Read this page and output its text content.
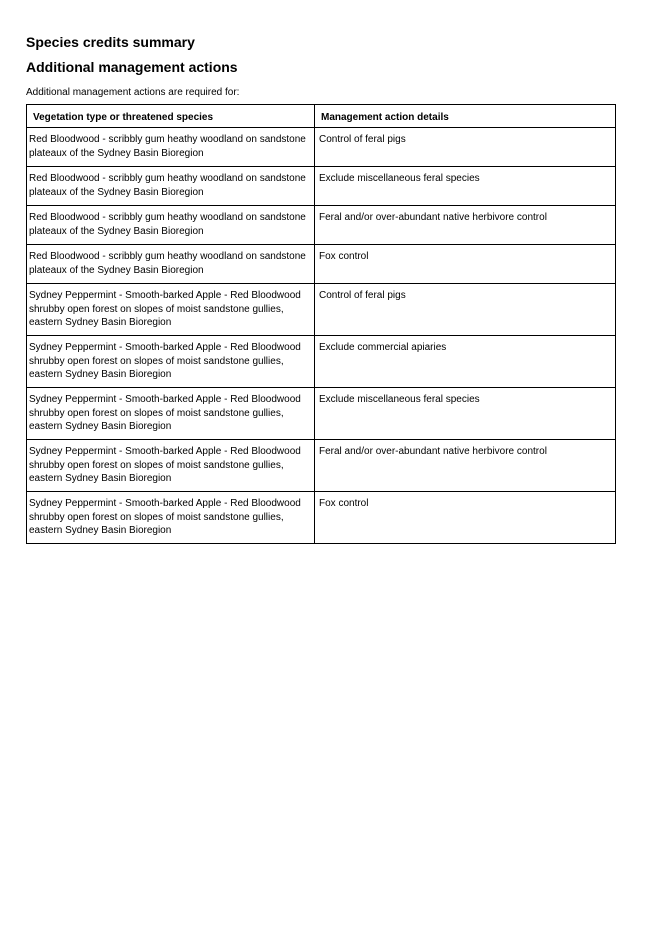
Species credits summary
Additional management actions

Additional management actions are required for:

Vegetation type or threatened species	Management action details
Red Bloodwood - scribbly gum heathy woodland on sandstone plateaux of the Sydney Basin Bioregion	Control of feral pigs
Red Bloodwood - scribbly gum heathy woodland on sandstone plateaux of the Sydney Basin Bioregion	Exclude miscellaneous feral species
Red Bloodwood - scribbly gum heathy woodland on sandstone plateaux of the Sydney Basin Bioregion	Feral and/or over-abundant native herbivore control
Red Bloodwood - scribbly gum heathy woodland on sandstone plateaux of the Sydney Basin Bioregion	Fox control
Sydney Peppermint - Smooth-barked Apple - Red Bloodwood shrubby open forest on slopes of moist sandstone gullies, eastern Sydney Basin Bioregion	Control of feral pigs
Sydney Peppermint - Smooth-barked Apple - Red Bloodwood shrubby open forest on slopes of moist sandstone gullies, eastern Sydney Basin Bioregion	Exclude commercial apiaries
Sydney Peppermint - Smooth-barked Apple - Red Bloodwood shrubby open forest on slopes of moist sandstone gullies, eastern Sydney Basin Bioregion	Exclude miscellaneous feral species
Sydney Peppermint - Smooth-barked Apple - Red Bloodwood shrubby open forest on slopes of moist sandstone gullies, eastern Sydney Basin Bioregion	Feral and/or over-abundant native herbivore control
Sydney Peppermint - Smooth-barked Apple - Red Bloodwood shrubby open forest on slopes of moist sandstone gullies, eastern Sydney Basin Bioregion	Fox control
